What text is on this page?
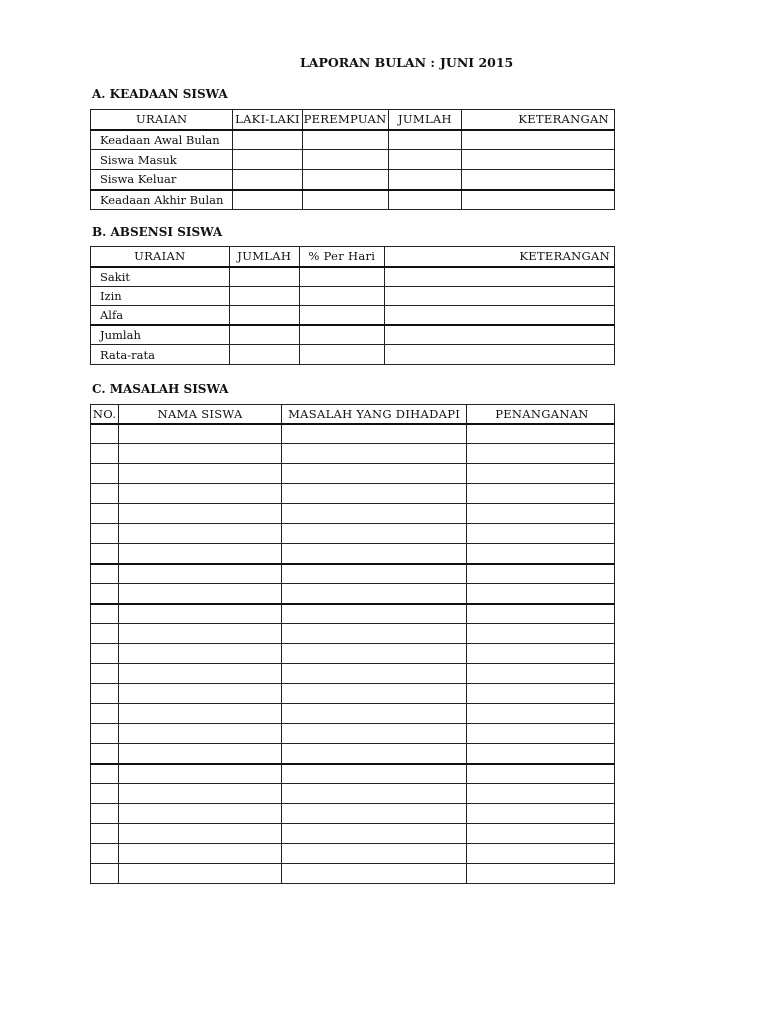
LAPORAN BULAN : JUNI 2015
A. KEADAAN SISWA
URAIAN	LAKI-LAKI	PEREMPUAN	JUMLAH	KETERANGAN
Keadaan Awal Bulan				
Siswa Masuk				
Siswa Keluar				
Keadaan Akhir Bulan				
B. ABSENSI SISWA
URAIAN	JUMLAH	% Per Hari	KETERANGAN
Sakit			
Izin			
Alfa			
Jumlah			
Rata-rata			
C. MASALAH SISWA
NO.	NAMA SISWA	MASALAH YANG DIHADAPI	PENANGANAN
